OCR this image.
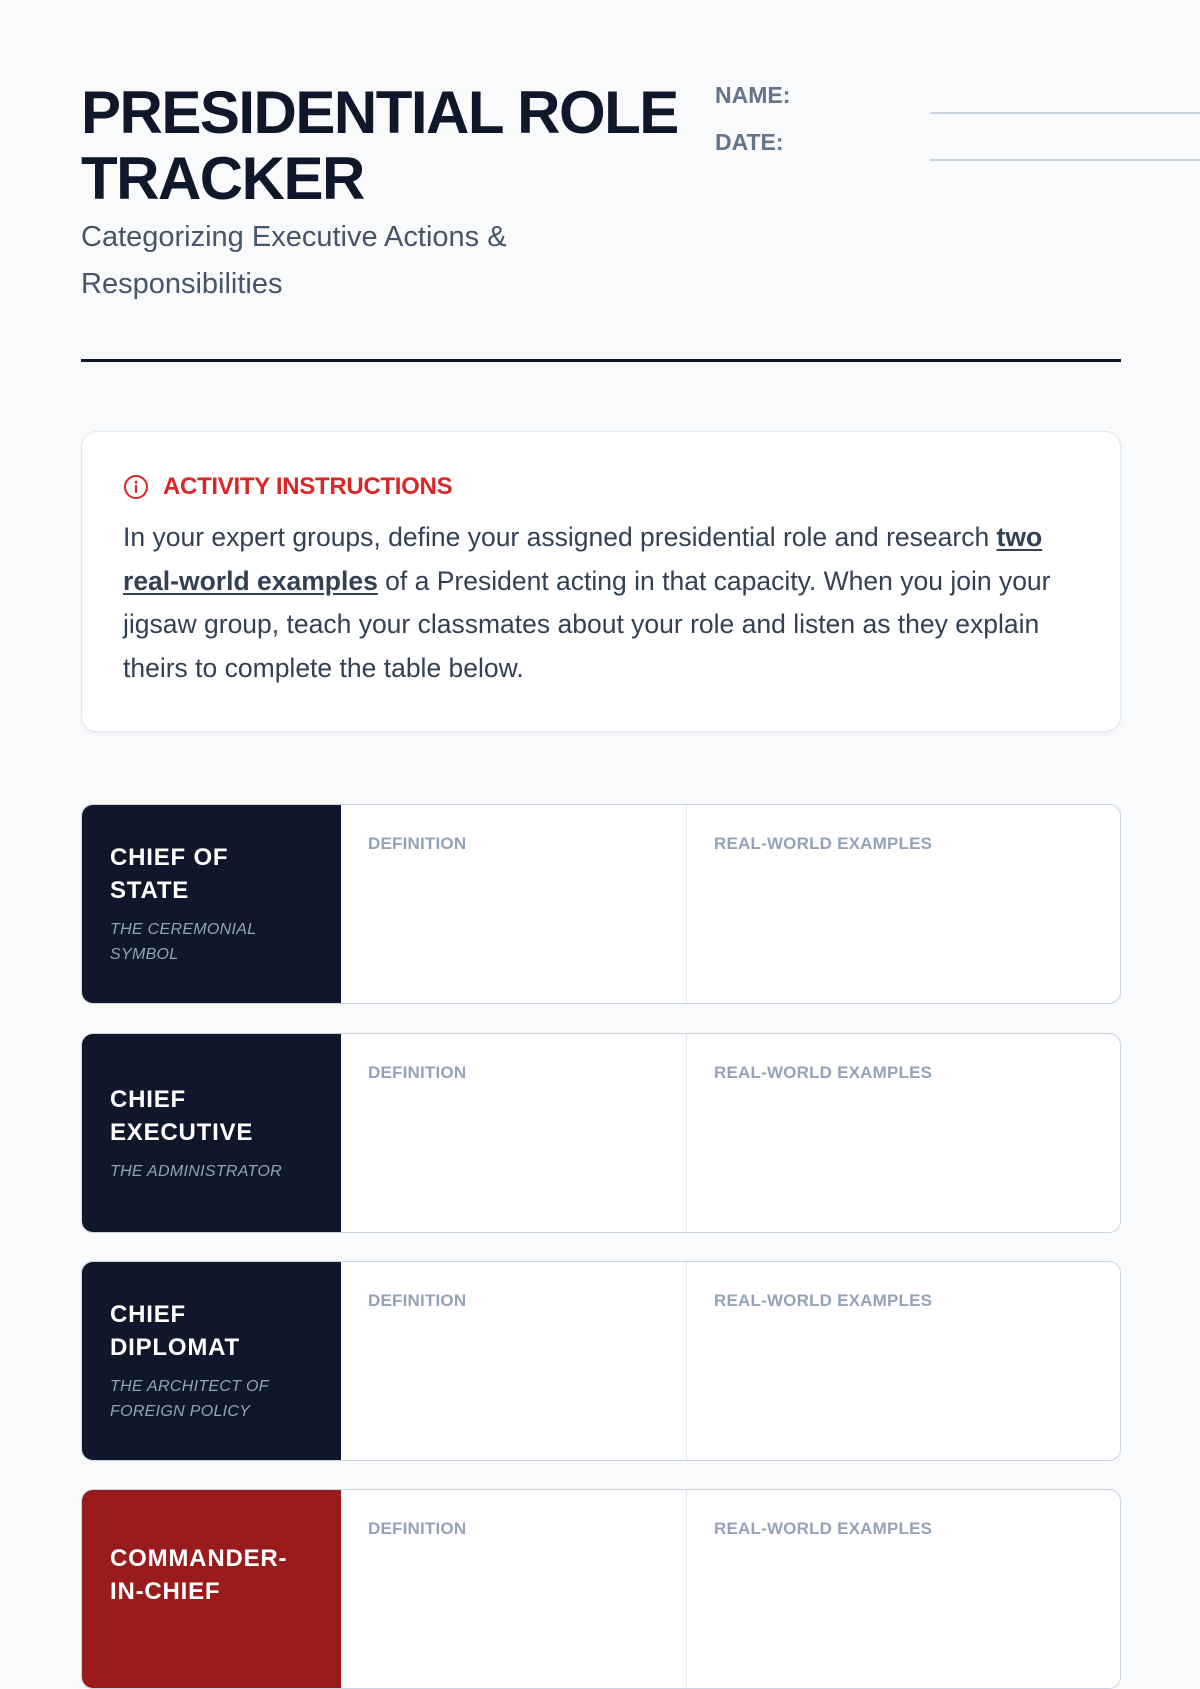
PRESIDENTIAL ROLE TRACKER

Categorizing Executive Actions & Responsibilities

NAME:
DATE:
ACTIVITY INSTRUCTIONS

In your expert groups, define your assigned presidential role and research two real-world examples of a President acting in that capacity. When you join your jigsaw group, teach your classmates about your role and listen as they explain theirs to complete the table below.

CHIEF OF STATE
THE CEREMONIAL SYMBOL
DEFINITION	REAL-WORLD EXAMPLES
CHIEF EXECUTIVE
THE ADMINISTRATOR
DEFINITION	REAL-WORLD EXAMPLES
CHIEF DIPLOMAT
THE ARCHITECT OF FOREIGN POLICY
DEFINITION	REAL-WORLD EXAMPLES
COMMANDER-IN-CHIEF
DEFINITION	REAL-WORLD EXAMPLES
